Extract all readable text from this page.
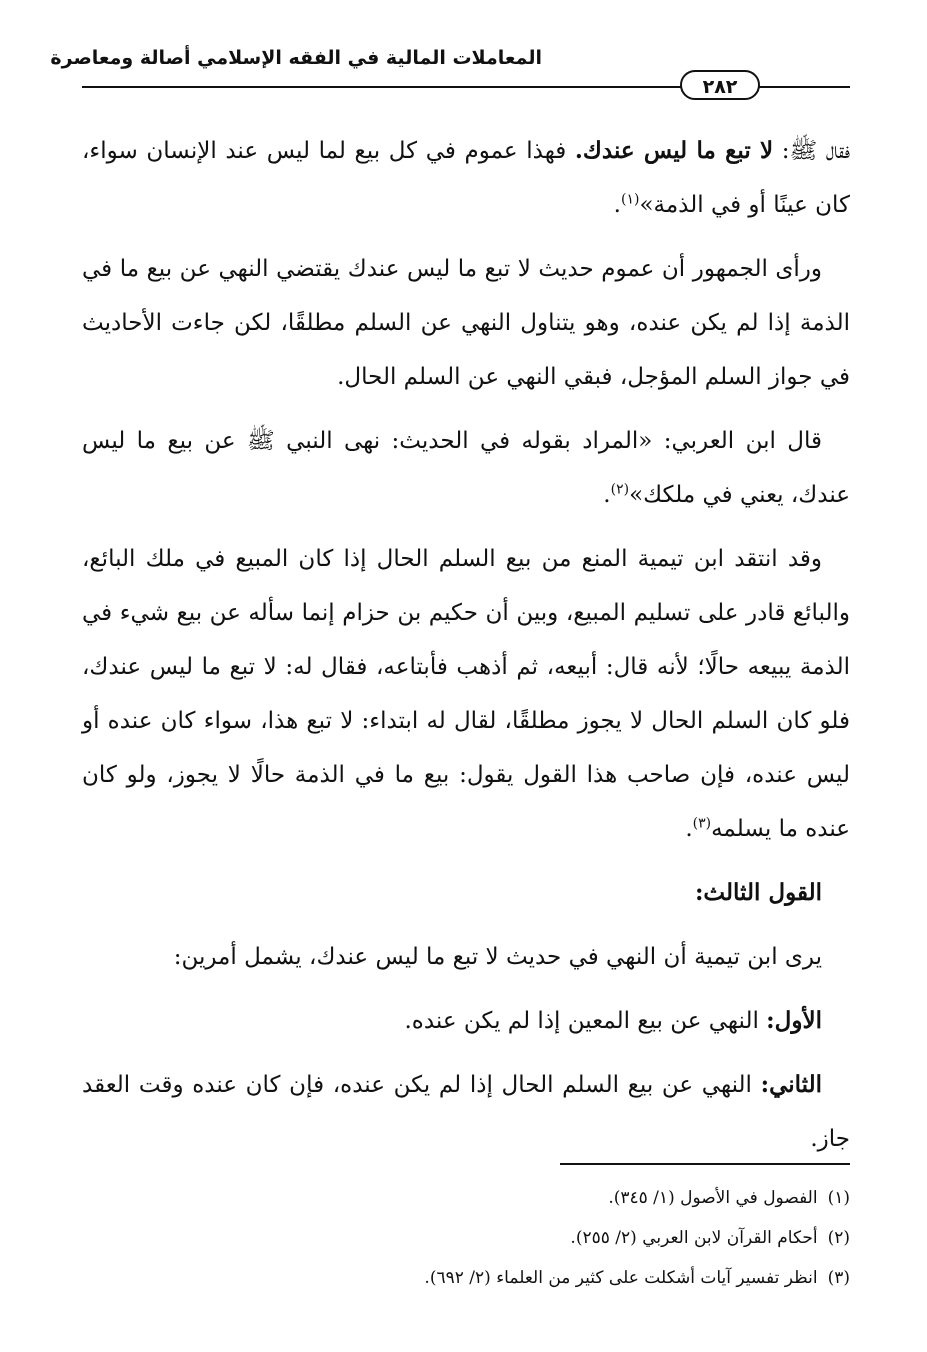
المعاملات المالية في الفقه الإسلامي أصالة ومعاصرة
٢٨٢

فقال ﷺ: لا تبع ما ليس عندك. فهذا عموم في كل بيع لما ليس عند الإنسان سواء، كان عينًا أو في الذمة»$^{(١)}$.

ورأى الجمهور أن عموم حديث لا تبع ما ليس عندك يقتضي النهي عن بيع ما في الذمة إذا لم يكن عنده، وهو يتناول النهي عن السلم مطلقًا، لكن جاءت الأحاديث في جواز السلم المؤجل، فبقي النهي عن السلم الحال.

قال ابن العربي: «المراد بقوله في الحديث: نهى النبي ﷺ عن بيع ما ليس عندك، يعني في ملكك»$^{(٢)}$.

وقد انتقد ابن تيمية المنع من بيع السلم الحال إذا كان المبيع في ملك البائع، والبائع قادر على تسليم المبيع، وبين أن حكيم بن حزام إنما سأله عن بيع شيء في الذمة يبيعه حالًا؛ لأنه قال: أبيعه، ثم أذهب فأبتاعه، فقال له: لا تبع ما ليس عندك، فلو كان السلم الحال لا يجوز مطلقًا، لقال له ابتداء: لا تبع هذا، سواء كان عنده أو ليس عنده، فإن صاحب هذا القول يقول: بيع ما في الذمة حالًا لا يجوز، ولو كان عنده ما يسلمه$^{(٣)}$.

القول الثالث:

يرى ابن تيمية أن النهي في حديث لا تبع ما ليس عندك، يشمل أمرين:

الأول: النهي عن بيع المعين إذا لم يكن عنده.

الثاني: النهي عن بيع السلم الحال إذا لم يكن عنده، فإن كان عنده وقت العقد جاز.

(١)الفصول في الأصول (١/ ٣٤٥).

(٢)أحكام القرآن لابن العربي (٢/ ٢٥٥).

(٣)انظر تفسير آيات أشكلت على كثير من العلماء (٢/ ٦٩٢).
